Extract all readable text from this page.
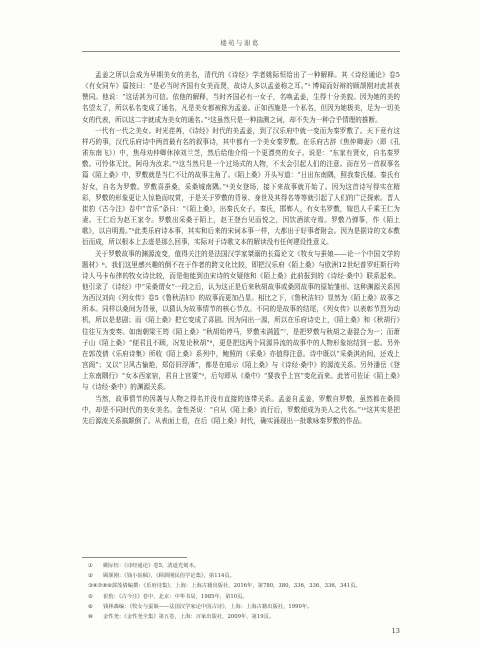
楼苑与谢葛

孟姜之所以会成为早期美女的美名，清代的《诗经》学者姚际恒给出了一种解释。其《诗经通论》卷5《有女同车》篇按曰：“是必当时齐国有女美而贤，故诗人多以孟姜称之耳。”¹ 博闻而好辩的顾颉刚对此甚表赞同。他说：“这话甚为可信。依他的解释，当时齐国必有一女子，名唤孟姜，生得十分美貌。因为她的美的名望太了，所以私名变成了通名，凡是美女都被称为孟姜。正如西施是一个私名，但因为她极美，足为一切美女的代表，所以这二字就成为美女的通名。”²这虽然只是一种揣测之词，却不失为一种合乎情理的推断。

一代有一代之美女。时光荏苒，《诗经》时代的美孟姜，到了汉乐府中就一变而为秦罗敷了。天下竟有这样巧的事，汉代乐府诗中两首最有名的叙事诗，其中都有一个美女秦罗敷。在乐府古辞《焦仲卿妻》（即《孔雀东南飞》）中，焦母劝仲卿休掉刘兰芝，然后给他介绍一个更漂亮的女子。说是：“东家有贤女，自名秦罗敷。可怜体无比，阿母为汝求。”³这当然只是一个过场式的人物，不太会引起人们的注意。而在另一首叙事名篇《陌上桑》中，罗敷就是当仁不让的故事主角了。《陌上桑》开头写道：“日出东南隅，照我秦氏楼。秦氏有好女，自名为罗敷。罗敷喜蚕桑，采桑城南隅。”⁴美女登场，接下来故事就开始了。因为这首诗写得实在精彩，罗敷的形象更让人惊艳而叹赏，于是关于罗敷的背景、身世及其得名等等就引起了人们的广泛探索。晋人崔豹《古今注》卷中“音乐”条曰：“《陌上桑》，出秦氏女子。秦氏，邯郸人，有女名罗敷，嫁邑人千乘王仁为妻。王仁后为赵王家令。罗敷出采桑于陌上，赵王登台见而悦之，因饮酒欲夺焉。罗敷乃弹筝，作《陌上歌》，以自明焉。”⁵此类乐府诗本事，其实和后来的宋词本事一样，大都出于好事者附会。因为是据诗的文本敷衍而成，所以根本上去虚是那么回事，实际对于诗歌文本的解读没有任何建设性意义。

关于罗敷故事的渊源流变，值得关注的是法国汉学家桀溺的长篇论文《牧女与蚕娘——论一个中国文学的题材》⁶。我们这里感兴趣的倒不在于作者的跨文化比较，即把汉乐府《陌上桑》与欧洲12世纪普罗旺斯行吟诗人马卡布律的牧女诗比较，而是他能到由宋诗的女疑他和《陌上桑》此前报到的《诗经·桑中》联系起来。他引录了《诗经》中“采桑谓女”一段之后，认为这正是后来秋胡故事或桑园故事的原始雏形。这种渊源关系因为西汉刘向《列女传》卷5《鲁秋洁妇》的故事而更加凸显。相比之下，《鲁秋洁妇》显然为《陌上桑》故事之所本。同样以桑间为背景，以猜认为故事情节的核心节点。不同的是故事的结尾，《列女传》以表彰节烈为动机，所以是悲剧；而《陌上桑》把它变成了喜剧。因为同出一源，所以在乐府诗史上，《陌上桑》和《秋胡行》往往互为变奏。如南朝梁王筠《陌上桑》“秋胡始停马，罗敷未满篮”⁷，是把罗敷与秋胡之妻混合为一；而萧子山《陌上桑》“便君且不顾，况复论秋胡”⁸，更是把这两个同源异流的故事中的人物形象绾结到一起。另外在郭茂倩《乐府诗集》所收《陌上桑》系列中，鲍照的《采桑》亦值得注意。诗中既以“采桑淇洧间，还戏上宫阁”；又以“卫风古愉艳，郑俗旧浮薄”，都是在暗示《陌上桑》与《诗经·桑中》的源流关系。另外潘岳《登上东南隅行》“女本西家宿，君自上宫要”⁹，后句即从《桑中》“要我乎上宫”变化而来。此皆可佐证《陌上桑》与《诗经·桑中》的渊源关系。

当然，故事情节的因袭与人物之得名并没有直接的连带关系。孟姜自孟姜，罗敷自罗敷，虽然都在桑园中，却是不同时代的美女美名。金性尧说：“自从《陌上桑》流行后，罗敷便成为美人之代名。”¹⁰这其实是把先后源流关系搞颠倒了。从表面上看，在后《陌上桑》时代，确实涌现出一批歌咏秦罗敷的作品。

① 姚际恒：《诗经通论》卷5，清道光刻本。
② 顾颉刚：《钱小姑稿》，《顾颉刚民俗学论集》，第114页。
③④⑦⑧⑨郭茂倩编撰：《乐府诗集》，上海：上海古籍出版社，2016年，第780，380，336，336，336，341页。
⑤ 崔豹：《古今注》卷中，北京：中华书局，1985年，第10页。
⑥ 钱林森编：《牧女与蚕娘——法国汉学家论中国古诗》，上海：上海古籍出版社，1990年。
⑩ 金性尧：《金性尧全集》第五卷，上海：百家出版社，2009年，第19页。
13
